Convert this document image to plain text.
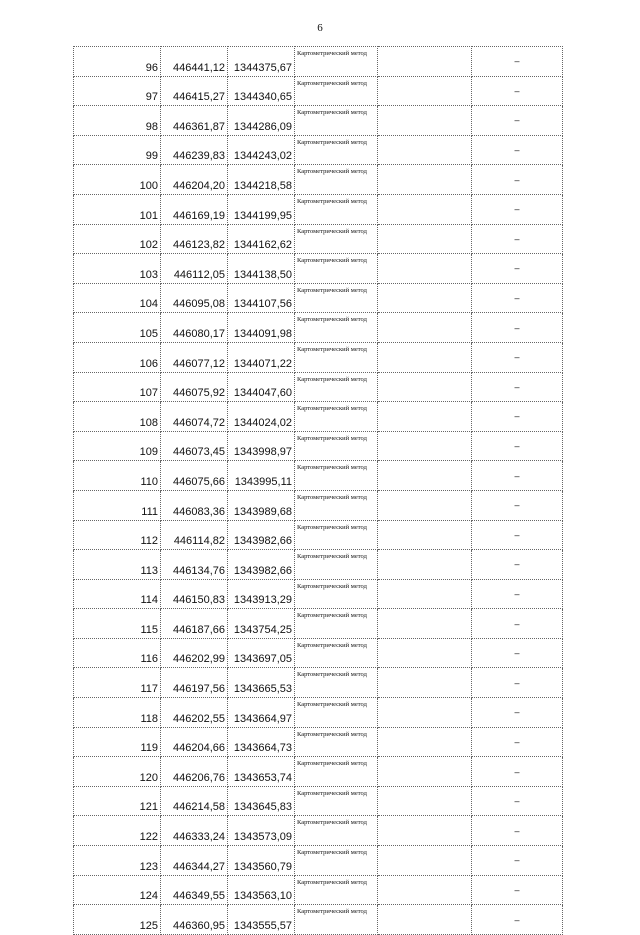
6
96	446441,12	1344375,67	Картометрический метод		–
97	446415,27	1344340,65	Картометрический метод		–
98	446361,87	1344286,09	Картометрический метод		–
99	446239,83	1344243,02	Картометрический метод		–
100	446204,20	1344218,58	Картометрический метод		–
101	446169,19	1344199,95	Картометрический метод		–
102	446123,82	1344162,62	Картометрический метод		–
103	446112,05	1344138,50	Картометрический метод		–
104	446095,08	1344107,56	Картометрический метод		–
105	446080,17	1344091,98	Картометрический метод		–
106	446077,12	1344071,22	Картометрический метод		–
107	446075,92	1344047,60	Картометрический метод		–
108	446074,72	1344024,02	Картометрический метод		–
109	446073,45	1343998,97	Картометрический метод		–
110	446075,66	1343995,11	Картометрический метод		–
111	446083,36	1343989,68	Картометрический метод		–
112	446114,82	1343982,66	Картометрический метод		–
113	446134,76	1343982,66	Картометрический метод		–
114	446150,83	1343913,29	Картометрический метод		–
115	446187,66	1343754,25	Картометрический метод		–
116	446202,99	1343697,05	Картометрический метод		–
117	446197,56	1343665,53	Картометрический метод		–
118	446202,55	1343664,97	Картометрический метод		–
119	446204,66	1343664,73	Картометрический метод		–
120	446206,76	1343653,74	Картометрический метод		–
121	446214,58	1343645,83	Картометрический метод		–
122	446333,24	1343573,09	Картометрический метод		–
123	446344,27	1343560,79	Картометрический метод		–
124	446349,55	1343563,10	Картометрический метод		–
125	446360,95	1343555,57	Картометрический метод		–
